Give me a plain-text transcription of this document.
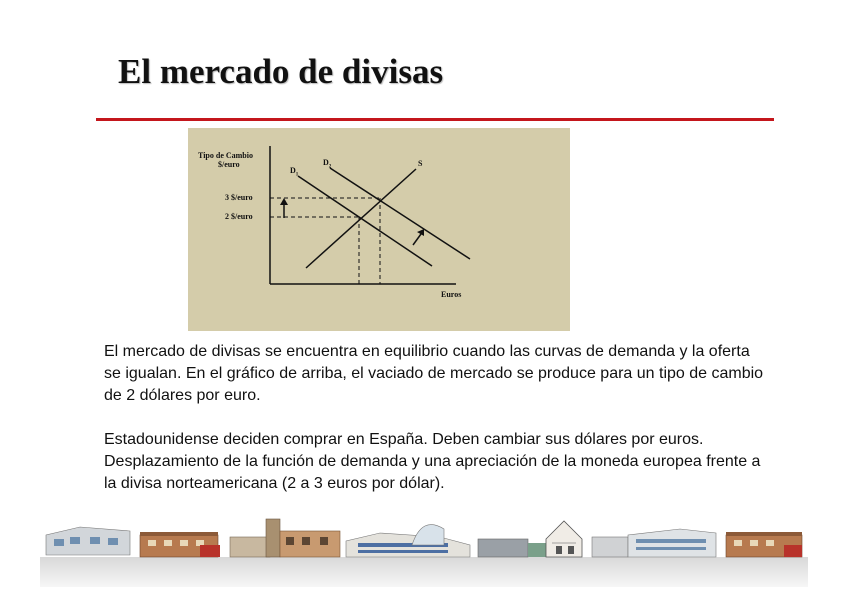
El mercado de divisas
Tipo de Cambio
$/euro
3 $/euro
2 $/euro
$D_1$
$D_2$	S
Euros

El mercado de divisas se encuentra en equilibrio cuando las curvas de demanda y la oferta se igualan. En el gráfico de arriba, el vaciado de mercado se produce para un tipo de cambio de 2 dólares por euro.

Estadounidense deciden comprar en España. Deben cambiar sus dólares por euros. Desplazamiento de la función de demanda y una apreciación de la moneda europea frente a la divisa norteamericana (2 a 3 euros por dólar).
